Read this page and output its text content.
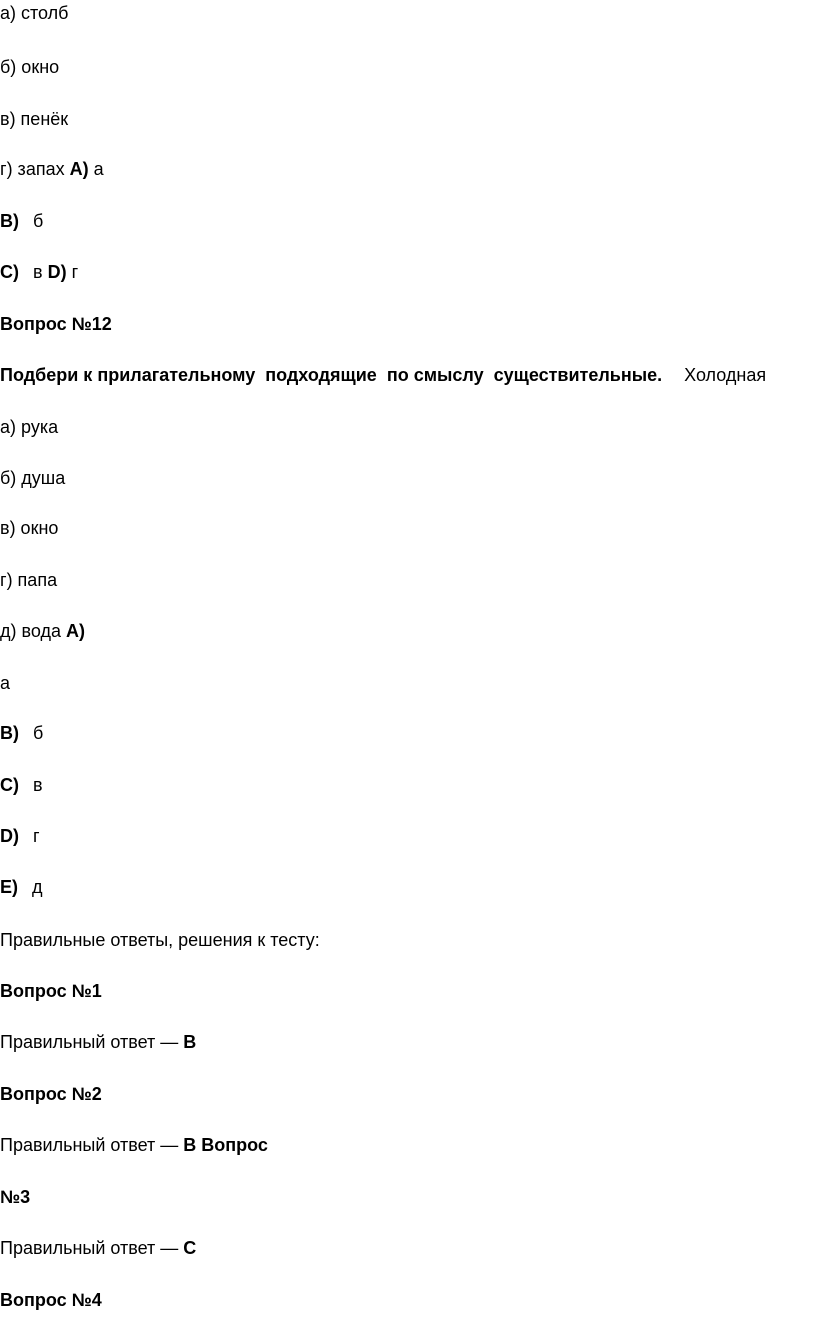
а) столб
б) окно
в) пенёк
г) запах A) а
B) б
C) в D) г
Вопрос №12
Подбери к прилагательному  подходящие  по смыслу  существительные. Холодная
а) рука
б) душа
в) окно
г) папа
д) вода A)
а
B) б
C) в
D) г
E) д
Правильные ответы, решения к тесту:
Вопрос №1
Правильный ответ — B
Вопрос №2
Правильный ответ — B Вопрос
№3
Правильный ответ — C
Вопрос №4
